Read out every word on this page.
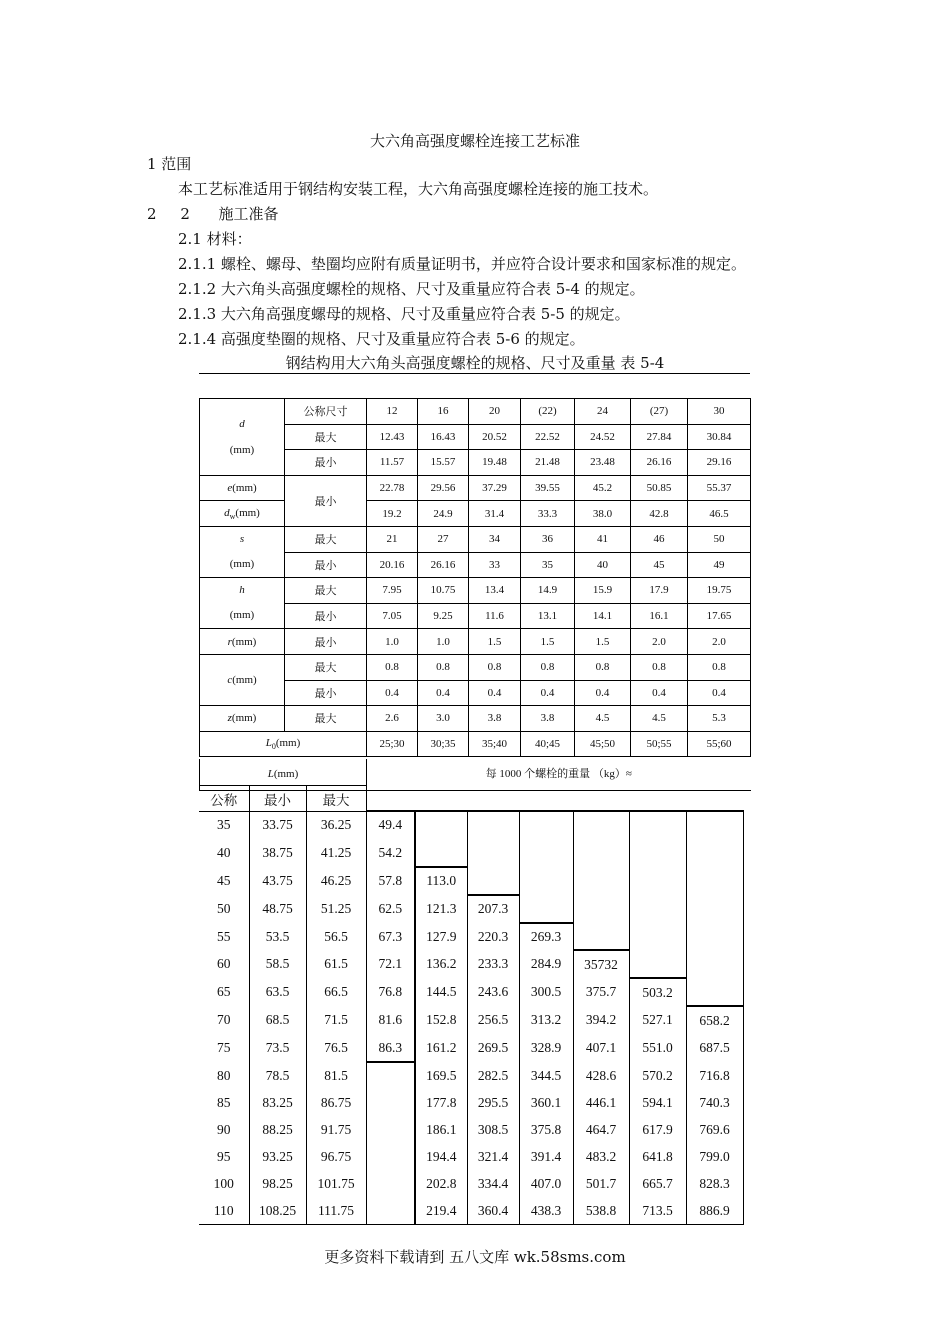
大六角高强度螺栓连接工艺标准
1 范围
本工艺标准适用于钢结构安装工程，大六角高强度螺栓连接的施工技术。
2     2      施工准备
2.1 材料：
2.1.1 螺栓、螺母、垫圈均应附有质量证明书，并应符合设计要求和国家标准的规定。
2.1.2 大六角头高强度螺栓的规格、尺寸及重量应符合表 5-4 的规定。
2.1.3 大六角高强度螺母的规格、尺寸及重量应符合表 5-5 的规定。
2.1.4 高强度垫圈的规格、尺寸及重量应符合表 5-6 的规定。
钢结构用大六角头高强度螺栓的规格、尺寸及重量 表 5-4
d
(mm)	公称尺寸	12	16	20	(22)	24	(27)	30
	最大	12.43	16.43	20.52	22.52	24.52	27.84	30.84
	最小	11.57	15.57	19.48	21.48	23.48	26.16	29.16
e(mm)	最小	22.78	29.56	37.29	39.55	45.2	50.85	55.37
$d_w(mm)$		19.2	24.9	31.4	33.3	38.0	42.8	46.5
s
(mm)	最大	21	27	34	36	41	46	50
	最小	20.16	26.16	33	35	40	45	49
h
(mm)	最大	7.95	10.75	13.4	14.9	15.9	17.9	19.75
	最小	7.05	9.25	11.6	13.1	14.1	16.1	17.65
r(mm)	最小	1.0	1.0	1.5	1.5	1.5	2.0	2.0
c(mm)	最大	0.8	0.8	0.8	0.8	0.8	0.8	0.8
	最小	0.4	0.4	0.4	0.4	0.4	0.4	0.4
z(mm)	最大	2.6	3.0	3.8	3.8	4.5	4.5	5.3
$L_0(mm)$		25;30	30;35	35;40	40;45	45;50	50;55	55;60
L(mm)	每 1000 个螺栓的重量 （kg）≈
公称	最小	最大
35	33.75	36.25	49.4						
40	38.75	41.25	54.2						
45	43.75	46.25	57.8	113.0					
50	48.75	51.25	62.5	121.3	207.3				
55	53.5	56.5	67.3	127.9	220.3	269.3			
60	58.5	61.5	72.1	136.2	233.3	284.9	35732		
65	63.5	66.5	76.8	144.5	243.6	300.5	375.7	503.2	
70	68.5	71.5	81.6	152.8	256.5	313.2	394.2	527.1	658.2
75	73.5	76.5	86.3	161.2	269.5	328.9	407.1	551.0	687.5
80	78.5	81.5		169.5	282.5	344.5	428.6	570.2	716.8
85	83.25	86.75		177.8	295.5	360.1	446.1	594.1	740.3
90	88.25	91.75		186.1	308.5	375.8	464.7	617.9	769.6
95	93.25	96.75		194.4	321.4	391.4	483.2	641.8	799.0
100	98.25	101.75		202.8	334.4	407.0	501.7	665.7	828.3
110	108.25	111.75		219.4	360.4	438.3	538.8	713.5	886.9
更多资料下载请到 五八文库 wk.58sms.com
